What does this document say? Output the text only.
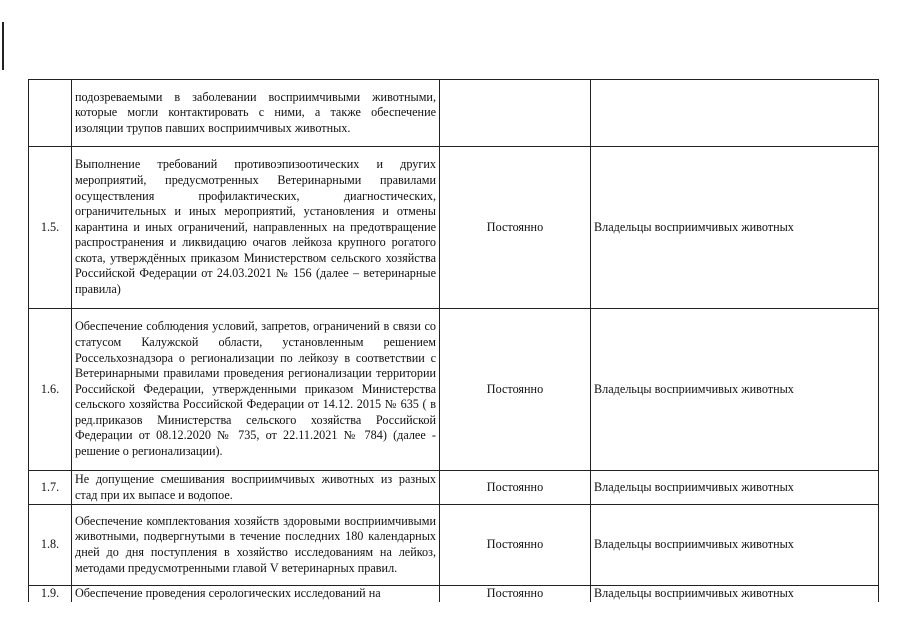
	подозреваемыми в заболевании восприимчивыми животными, которые могли контактировать с ними, а также обеспечение изоляции трупов павших восприимчивых животных.		

1.5.	Выполнение требований противоэпизоотических и других мероприятий, предусмотренных Ветеринарными правилами осуществления профилактических, диагностических, ограничительных и иных мероприятий, установления и отмены карантина и иных ограничений, направленных на предотвращение распространения и ликвидацию очагов лейкоза крупного рогатого скота, утверждённых приказом Министерством сельского хозяйства Российской Федерации от 24.03.2021 № 156 (далее – ветеринарные правила)	Постоянно	Владельцы восприимчивых животных
1.6.	Обеспечение соблюдения условий, запретов, ограничений в связи со статусом Калужской области, установленным решением Россельхознадзора о регионализации по лейкозу в соответствии с Ветеринарными правилами проведения регионализации территории Российской Федерации, утвержденными приказом Министерства сельского хозяйства Российской Федерации от 14.12. 2015 № 635 ( в ред.приказов Министерства сельского хозяйства Российской Федерации от 08.12.2020 № 735, от 22.11.2021 № 784) (далее - решение о регионализации).	Постоянно	Владельцы восприимчивых животных
1.7.	Не допущение смешивания восприимчивых животных из разных стад при их выпасе и водопое.	Постоянно	Владельцы восприимчивых животных
1.8.	Обеспечение комплектования хозяйств здоровыми восприимчивыми животными, подвергнутыми в течение последних 180 календарных дней до дня поступления в хозяйство исследованиям на лейкоз, методами предусмотренными главой V ветеринарных правил.	Постоянно	Владельцы восприимчивых животных
1.9.	Обеспечение проведения серологических исследований на	Постоянно	Владельцы восприимчивых животных
